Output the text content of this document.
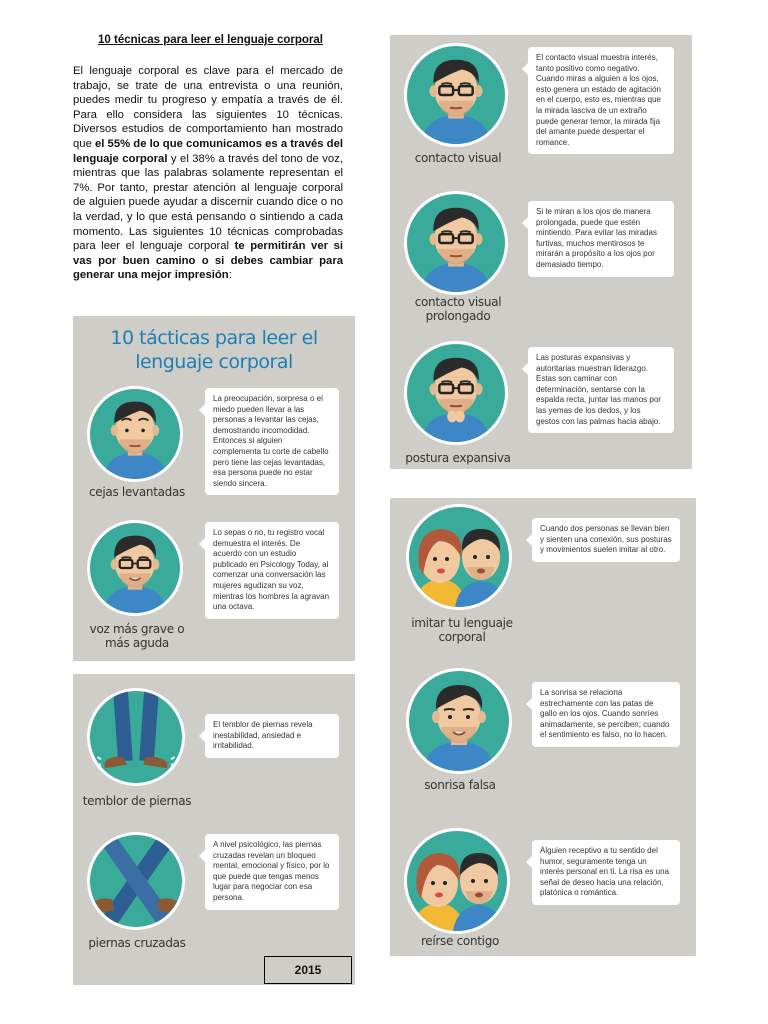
10 técnicas para leer el lenguaje corporal
El lenguaje corporal es clave para el mercado de trabajo, se trate de una entrevista o una reunión, puedes medir tu progreso y empatía a través de él. Para ello considera las siguientes 10 técnicas. Diversos estudios de comportamiento han mostrado que el 55% de lo que comunicamos es a través del lenguaje corporal y el 38% a través del tono de voz, mientras que las palabras solamente representan el 7%. Por tanto, prestar atención al lenguaje corporal de alguien puede ayudar a discernir cuando dice o no la verdad, y lo que está pensando o sintiendo a cada momento. Las siguientes 10 técnicas comprobadas para leer el lenguaje corporal te permitirán ver si vas por buen camino o si debes cambiar para generar una mejor impresión:
10 tácticas para leer el
lenguaje corporal
cejas levantadas
La preocupación, sorpresa o el miedo pueden llevar a las personas a levantar las cejas, demostrando incomodidad. Entonces si alguien complementa tu corte de cabello pero tiene las cejas levantadas, esa persona puede no estar siendo sincera.
voz más grave o más aguda
Lo sepas o no, tu registro vocal demuestra el interés. De acuerdo con un estudio publicado en Psicology Today, al comenzar una conversación las mujeres agudizan su voz, mientras los hombres la agravan una octava.
temblor de piernas
El temblor de piernas revela inestabilidad, ansiedad e irritabilidad.
piernas cruzadas
A nivel psicológico, las piernas cruzadas revelan un bloqueo mental, emocional y físico, por lo que puede que tengas menos lugar para negociar con esa persona.
contacto visual
El contacto visual muestra interés, tanto positivo como negativo. Cuando miras a alguien a los ojos, esto genera un estado de agitación en el cuerpo, esto es, mientras que la mirada lasciva de un extraño puede generar temor, la mirada fija del amante puede despertar el romance.
contacto visual prolongado
Si te miran a los ojos de manera prolongada, puede que estén mintiendo. Para evitar las miradas furtivas, muchos mentirosos te mirarán a propósito a los ojos por demasiado tiempo.
postura expansiva
Las posturas expansivas y autoritarias muestran liderazgo. Estas son caminar con determinación, sentarse con la espalda recta, juntar las manos por las yemas de los dedos, y los gestos con las palmas hacia abajo.
imitar tu lenguaje corporal
Cuando dos personas se llevan bien y sienten una conexión, sus posturas y movimientos suelen imitar al otro.
sonrisa falsa
La sonrisa se relaciona estrechamente con las patas de gallo en los ojos. Cuando sonríes animadamente, se perciben; cuando el sentimiento es falso, no lo hacen.
reírse contigo
Alguien receptivo a tu sentido del humor, seguramente tenga un interés personal en ti. La risa es una señal de deseo hacia una relación, platónica o romántica.
2015
